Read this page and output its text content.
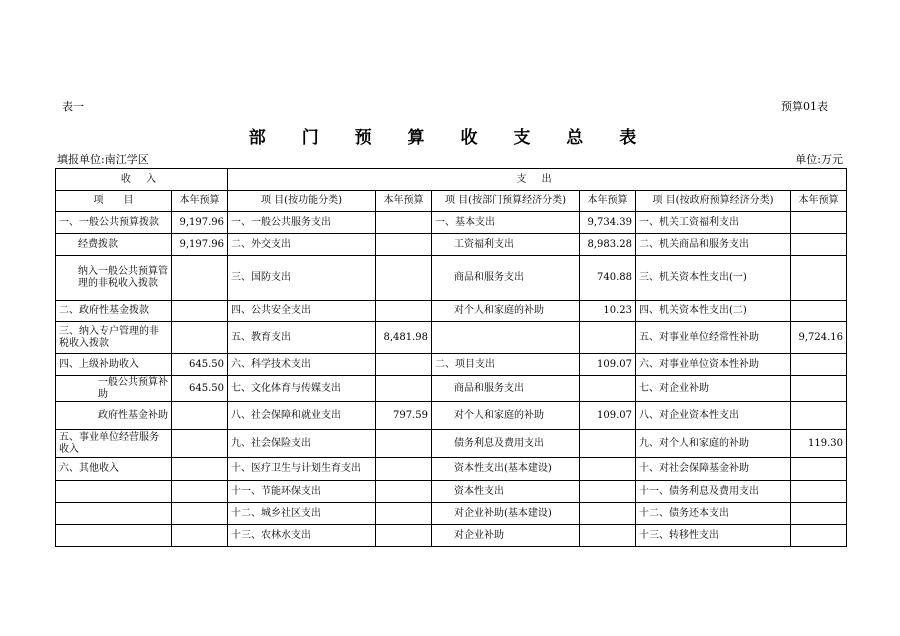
表一	预算01表
部 门 预 算 收 支 总 表
填报单位:南江学区	单位:万元
收 入		支 出					
项　　目	本年预算	项 目(按功能分类)	本年预算	项 目(按部门预算经济分类)	本年预算	项 目(按政府预算经济分类)	本年预算
一、一般公共预算拨款	9,197.96	一、一般公共服务支出		一、基本支出	9,734.39	一、机关工资福利支出	
经费拨款	9,197.96	二、外交支出		工资福利支出	8,983.28	二、机关商品和服务支出	
纳入一般公共预算管理的非税收入拨款		三、国防支出		商品和服务支出	740.88	三、机关资本性支出(一)	
二、政府性基金拨款		四、公共安全支出		对个人和家庭的补助	10.23	四、机关资本性支出(二)	
三、纳入专户管理的非税收入拨款		五、教育支出	8,481.98			五、对事业单位经常性补助	9,724.16
四、上级补助收入	645.50	六、科学技术支出		二、项目支出	109.07	六、对事业单位资本性补助	
一般公共预算补助	645.50	七、文化体育与传媒支出		商品和服务支出		七、对企业补助	
政府性基金补助		八、社会保障和就业支出	797.59	对个人和家庭的补助	109.07	八、对企业资本性支出	
五、事业单位经营服务收入		九、社会保险支出		债务利息及费用支出		九、对个人和家庭的补助	119.30
六、其他收入		十、医疗卫生与计划生育支出		资本性支出(基本建设)		十、对社会保障基金补助	
		十一、节能环保支出		资本性支出		十一、债务利息及费用支出	
		十二、城乡社区支出		对企业补助(基本建设)		十二、债务还本支出	
		十三、农林水支出		对企业补助		十三、转移性支出	
